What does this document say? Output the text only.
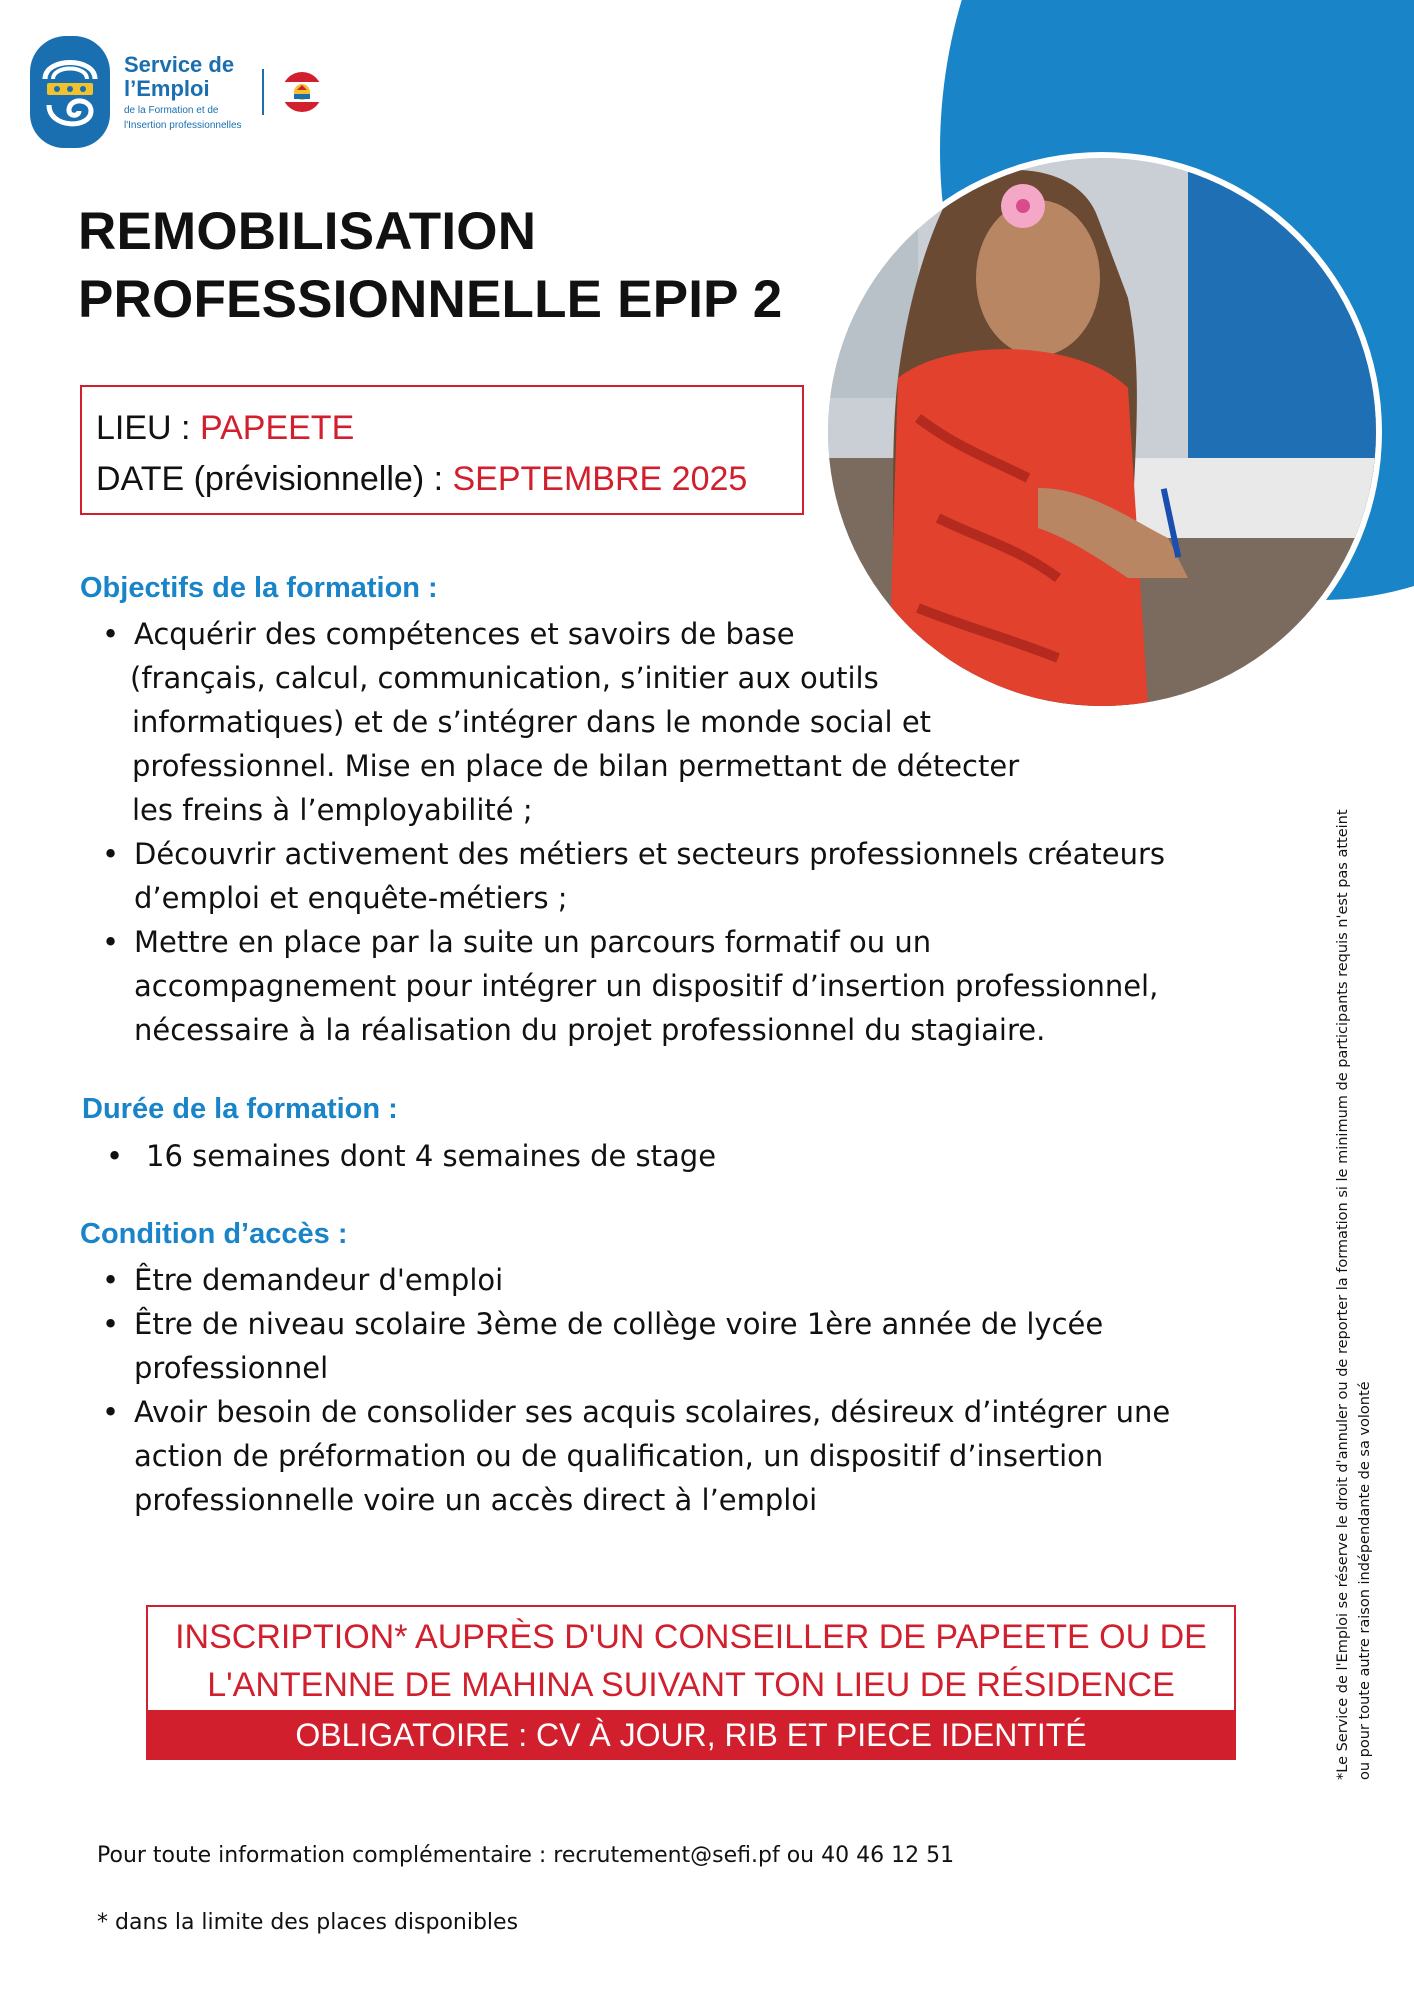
Service de
l’Emploi
de la Formation et de
l'Insertion professionnelles
REMOBILISATION
PROFESSIONNELLE EPIP 2
LIEU : PAPEETE
DATE (prévisionnelle) : SEPTEMBRE 2025
Objectifs de la formation :
• Acquérir des compétences et savoirs de base
(français, calcul, communication, s’initier aux outils
informatiques) et de s’intégrer dans le monde social et
professionnel. Mise en place de bilan permettant de détecter
les freins à l’employabilité ;
• Découvrir activement des métiers et secteurs professionnels créateurs
d’emploi et enquête-métiers ;
• Mettre en place par la suite un parcours formatif ou un
accompagnement pour intégrer un dispositif d’insertion professionnel,
nécessaire à la réalisation du projet professionnel du stagiaire.
Durée de la formation :
• 16 semaines dont 4 semaines de stage
Condition d’accès :
• Être demandeur d'emploi
• Être de niveau scolaire 3ème de collège voire 1ère année de lycée
professionnel
• Avoir besoin de consolider ses acquis scolaires, désireux d’intégrer une
action de préformation ou de qualification, un dispositif d’insertion
professionnelle voire un accès direct à l’emploi
INSCRIPTION* AUPRÈS D'UN CONSEILLER DE PAPEETE OU DE
L'ANTENNE DE MAHINA SUIVANT TON LIEU DE RÉSIDENCE
OBLIGATOIRE : CV À JOUR, RIB ET PIECE IDENTITÉ
Pour toute information complémentaire : recrutement@sefi.pf ou 40 46 12 51
* dans la limite des places disponibles
*Le Service de l'Emploi se réserve le droit d'annuler ou de reporter la formation si le minimum de participants requis n'est pas atteint ou pour toute autre raison indépendante de sa volonté
